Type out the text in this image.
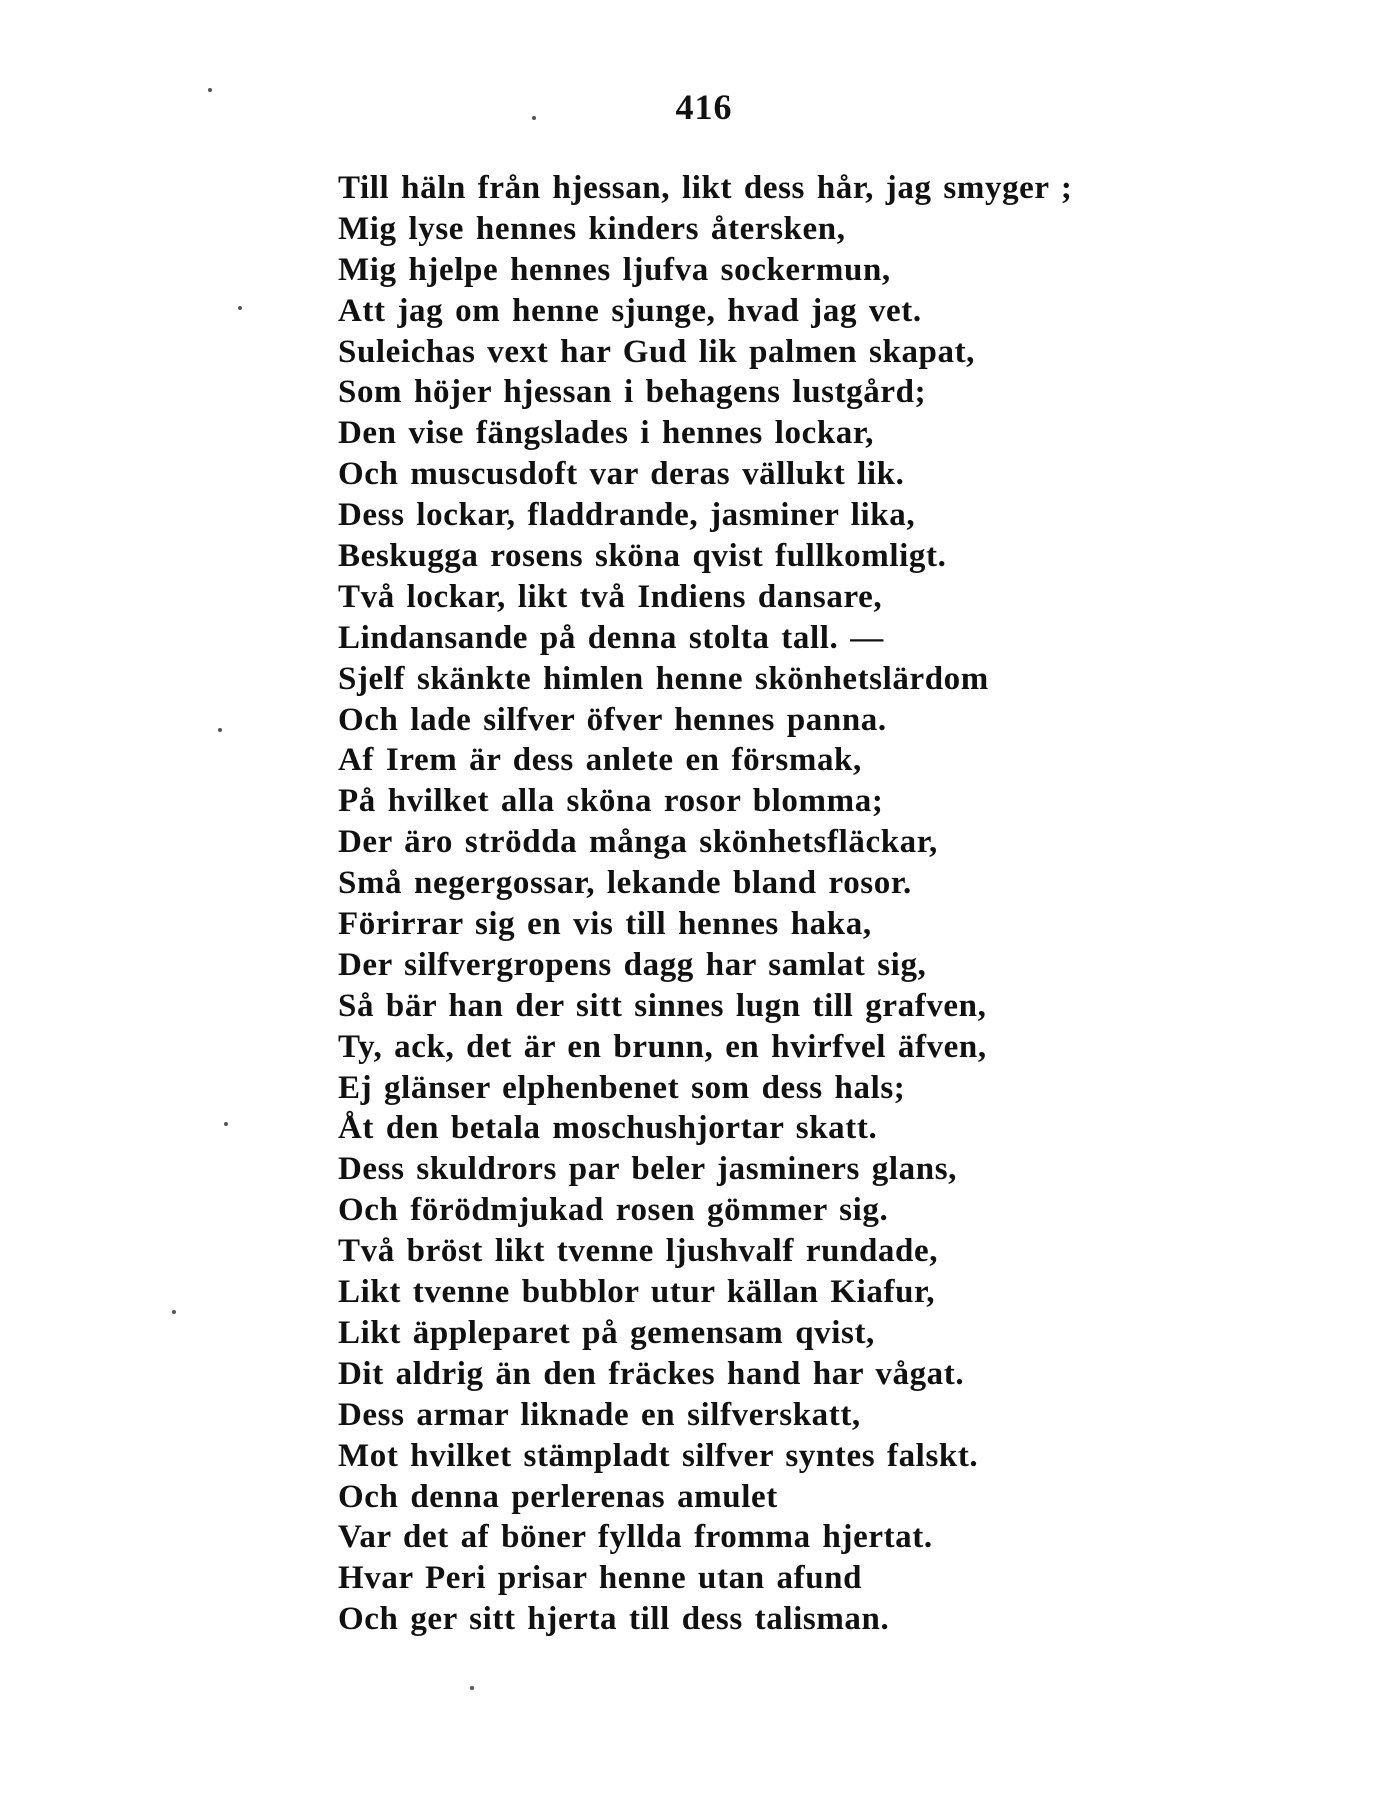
416
Till häln från hjessan, likt dess hår, jag smyger ;
Mig lyse hennes kinders återsken,
Mig hjelpe hennes ljufva sockermun,
Att jag om henne sjunge, hvad jag vet.
Suleichas vext har Gud lik palmen skapat,
Som höjer hjessan i behagens lustgård;
Den vise fängslades i hennes lockar,
Och muscusdoft var deras vällukt lik.
Dess lockar, fladdrande, jasminer lika,
Beskugga rosens sköna qvist fullkomligt.
Två lockar, likt två Indiens dansare,
Lindansande på denna stolta tall. —
Sjelf skänkte himlen henne skönhetslärdom
Och lade silfver öfver hennes panna.
Af Irem är dess anlete en försmak,
På hvilket alla sköna rosor blomma;
Der äro strödda många skönhetsfläckar,
Små negergossar, lekande bland rosor.
Förirrar sig en vis till hennes haka,
Der silfvergropens dagg har samlat sig,
Så bär han der sitt sinnes lugn till grafven,
Ty, ack, det är en brunn, en hvirfvel äfven,
Ej glänser elphenbenet som dess hals;
Åt den betala moschushjortar skatt.
Dess skuldrors par beler jasminers glans,
Och förödmjukad rosen gömmer sig.
Två bröst likt tvenne ljushvalf rundade,
Likt tvenne bubblor utur källan Kiafur,
Likt äppleparet på gemensam qvist,
Dit aldrig än den fräckes hand har vågat.
Dess armar liknade en silfverskatt,
Mot hvilket stämpladt silfver syntes falskt.
Och denna perlerenas amulet
Var det af böner fyllda fromma hjertat.
Hvar Peri prisar henne utan afund
Och ger sitt hjerta till dess talisman.
